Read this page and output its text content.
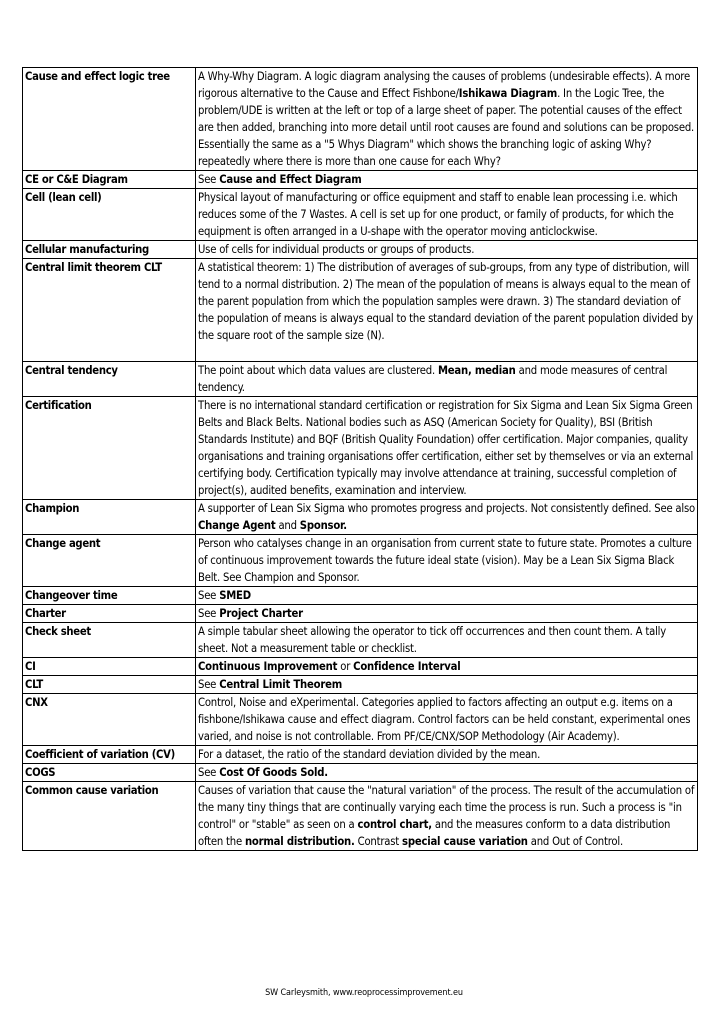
Cause and effect logic tree	A Why-Why Diagram. A logic diagram analysing the causes of problems (undesirable effects). A more rigorous alternative to the Cause and Effect Fishbone/Ishikawa Diagram. In the Logic Tree, the problem/UDE is written at the left or top of a large sheet of paper. The potential causes of the effect are then added, branching into more detail until root causes are found and solutions can be proposed. Essentially the same as a "5 Whys Diagram" which shows the branching logic of asking Why? repeatedly where there is more than one cause for each Why?
CE or C&E Diagram	See Cause and Effect Diagram
Cell (lean cell)	Physical layout of manufacturing or office equipment and staff to enable lean processing i.e. which reduces some of the 7 Wastes. A cell is set up for one product, or family of products, for which the equipment is often arranged in a U-shape with the operator moving anticlockwise.
Cellular manufacturing	Use of cells for individual products or groups of products.
Central limit theorem CLT	A statistical theorem: 1) The distribution of averages of sub-groups, from any type of distribution, will tend to a normal distribution. 2) The mean of the population of means is always equal to the mean of the parent population from which the population samples were drawn. 3) The standard deviation of the population of means is always equal to the standard deviation of the parent population divided by the square root of the sample size (N).
Central tendency	The point about which data values are clustered. Mean, median and mode measures of central tendency.
Certification	There is no international standard certification or registration for Six Sigma and Lean Six Sigma Green Belts and Black Belts. National bodies such as ASQ (American Society for Quality), BSI (British Standards Institute) and BQF (British Quality Foundation) offer certification. Major companies, quality organisations and training organisations offer certification, either set by themselves or via an external certifying body. Certification typically may involve attendance at training, successful completion of project(s), audited benefits, examination and interview.
Champion	A supporter of Lean Six Sigma who promotes progress and projects. Not consistently defined. See also Change Agent and Sponsor.
Change agent	Person who catalyses change in an organisation from current state to future state. Promotes a culture of continuous improvement towards the future ideal state (vision). May be a Lean Six Sigma Black Belt. See Champion and Sponsor.
Changeover time	See SMED
Charter	See Project Charter
Check sheet	A simple tabular sheet allowing the operator to tick off occurrences and then count them. A tally sheet. Not a measurement table or checklist.
CI	Continuous Improvement or Confidence Interval
CLT	See Central Limit Theorem
CNX	Control, Noise and eXperimental. Categories applied to factors affecting an output e.g. items on a fishbone/Ishikawa cause and effect diagram. Control factors can be held constant, experimental ones varied, and noise is not controllable. From PF/CE/CNX/SOP Methodology (Air Academy).
Coefficient of variation (CV)	For a dataset, the ratio of the standard deviation divided by the mean.
COGS	See Cost Of Goods Sold.
Common cause variation	Causes of variation that cause the "natural variation" of the process. The result of the accumulation of the many tiny things that are continually varying each time the process is run. Such a process is "in control" or "stable" as seen on a control chart, and the measures conform to a data distribution often the normal distribution. Contrast special cause variation and Out of Control.
SW Carleysmith, www.reoprocessimprovement.eu
